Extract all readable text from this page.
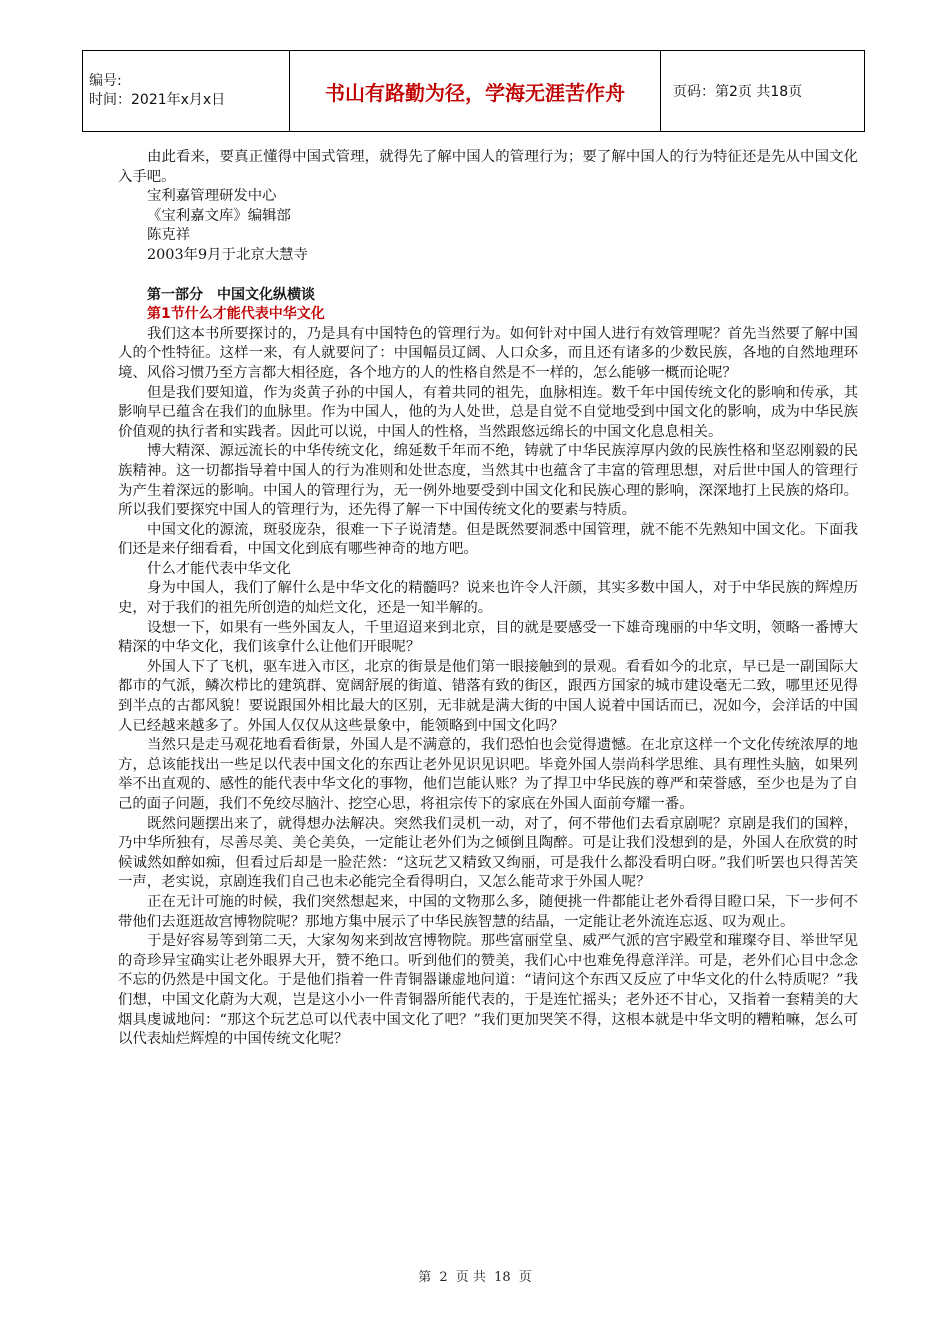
编号:
时间：2021年x月x日	书山有路勤为径，学海无涯苦作舟	页码：第2页 共18页

由此看来，要真正懂得中国式管理，就得先了解中国人的管理行为；要了解中国人的行为特征还是先从中国文化入手吧。

宝利嘉管理研发中心
《宝利嘉文库》编辑部
陈克祥
2003年9月于北京大慧寺
第一部分　中国文化纵横谈
第1节什么才能代表中华文化

我们这本书所要探讨的，乃是具有中国特色的管理行为。如何针对中国人进行有效管理呢？首先当然要了解中国人的个性特征。这样一来，有人就要问了：中国幅员辽阔、人口众多，而且还有诸多的少数民族，各地的自然地理环境、风俗习惯乃至方言都大相径庭，各个地方的人的性格自然是不一样的，怎么能够一概而论呢？

但是我们要知道，作为炎黄子孙的中国人，有着共同的祖先，血脉相连。数千年中国传统文化的影响和传承，其影响早已蕴含在我们的血脉里。作为中国人，他的为人处世，总是自觉不自觉地受到中国文化的影响，成为中华民族价值观的执行者和实践者。因此可以说，中国人的性格，当然跟悠远绵长的中国文化息息相关。

博大精深、源远流长的中华传统文化，绵延数千年而不绝，铸就了中华民族淳厚内敛的民族性格和坚忍刚毅的民族精神。这一切都指导着中国人的行为准则和处世态度，当然其中也蕴含了丰富的管理思想，对后世中国人的管理行为产生着深远的影响。中国人的管理行为，无一例外地要受到中国文化和民族心理的影响，深深地打上民族的烙印。所以我们要探究中国人的管理行为，还先得了解一下中国传统文化的要素与特质。

中国文化的源流，斑驳庞杂，很难一下子说清楚。但是既然要洞悉中国管理，就不能不先熟知中国文化。下面我们还是来仔细看看，中国文化到底有哪些神奇的地方吧。

什么才能代表中华文化

身为中国人，我们了解什么是中华文化的精髓吗？说来也许令人汗颜，其实多数中国人，对于中华民族的辉煌历史，对于我们的祖先所创造的灿烂文化，还是一知半解的。

设想一下，如果有一些外国友人，千里迢迢来到北京，目的就是要感受一下雄奇瑰丽的中华文明，领略一番博大精深的中华文化，我们该拿什么让他们开眼呢？

外国人下了飞机，驱车进入市区，北京的街景是他们第一眼接触到的景观。看看如今的北京，早已是一副国际大都市的气派，鳞次栉比的建筑群、宽阔舒展的街道、错落有致的街区，跟西方国家的城市建设毫无二致，哪里还见得到半点的古都风貌！要说跟国外相比最大的区别，无非就是满大街的中国人说着中国话而已，况如今，会洋话的中国人已经越来越多了。外国人仅仅从这些景象中，能领略到中国文化吗？

当然只是走马观花地看看街景，外国人是不满意的，我们恐怕也会觉得遗憾。在北京这样一个文化传统浓厚的地方，总该能找出一些足以代表中国文化的东西让老外见识见识吧。毕竟外国人崇尚科学思维、具有理性头脑，如果列举不出直观的、感性的能代表中华文化的事物，他们岂能认账？为了捍卫中华民族的尊严和荣誉感，至少也是为了自己的面子问题，我们不免绞尽脑汁、挖空心思，将祖宗传下的家底在外国人面前夸耀一番。

既然问题摆出来了，就得想办法解决。突然我们灵机一动，对了，何不带他们去看京剧呢？京剧是我们的国粹，乃中华所独有，尽善尽美、美仑美奂，一定能让老外们为之倾倒且陶醉。可是让我们没想到的是，外国人在欣赏的时候诚然如醉如痴，但看过后却是一脸茫然：“这玩艺又精致又绚丽，可是我什么都没看明白呀。”我们听罢也只得苦笑一声，老实说，京剧连我们自己也未必能完全看得明白，又怎么能苛求于外国人呢？

正在无计可施的时候，我们突然想起来，中国的文物那么多，随便挑一件都能让老外看得目瞪口呆，下一步何不带他们去逛逛故宫博物院呢？那地方集中展示了中华民族智慧的结晶，一定能让老外流连忘返、叹为观止。

于是好容易等到第二天，大家匆匆来到故宫博物院。那些富丽堂皇、威严气派的宫宇殿堂和璀璨夺目、举世罕见的奇珍异宝确实让老外眼界大开，赞不绝口。听到他们的赞美，我们心中也难免得意洋洋。可是，老外们心目中念念不忘的仍然是中国文化。于是他们指着一件青铜器谦虚地问道：“请问这个东西又反应了中华文化的什么特质呢？”我们想，中国文化蔚为大观，岂是这小小一件青铜器所能代表的，于是连忙摇头；老外还不甘心，又指着一套精美的大烟具虔诚地问：“那这个玩艺总可以代表中国文化了吧？”我们更加哭笑不得，这根本就是中华文明的糟粕嘛，怎么可以代表灿烂辉煌的中国传统文化呢？

第 2 页 共 18 页
